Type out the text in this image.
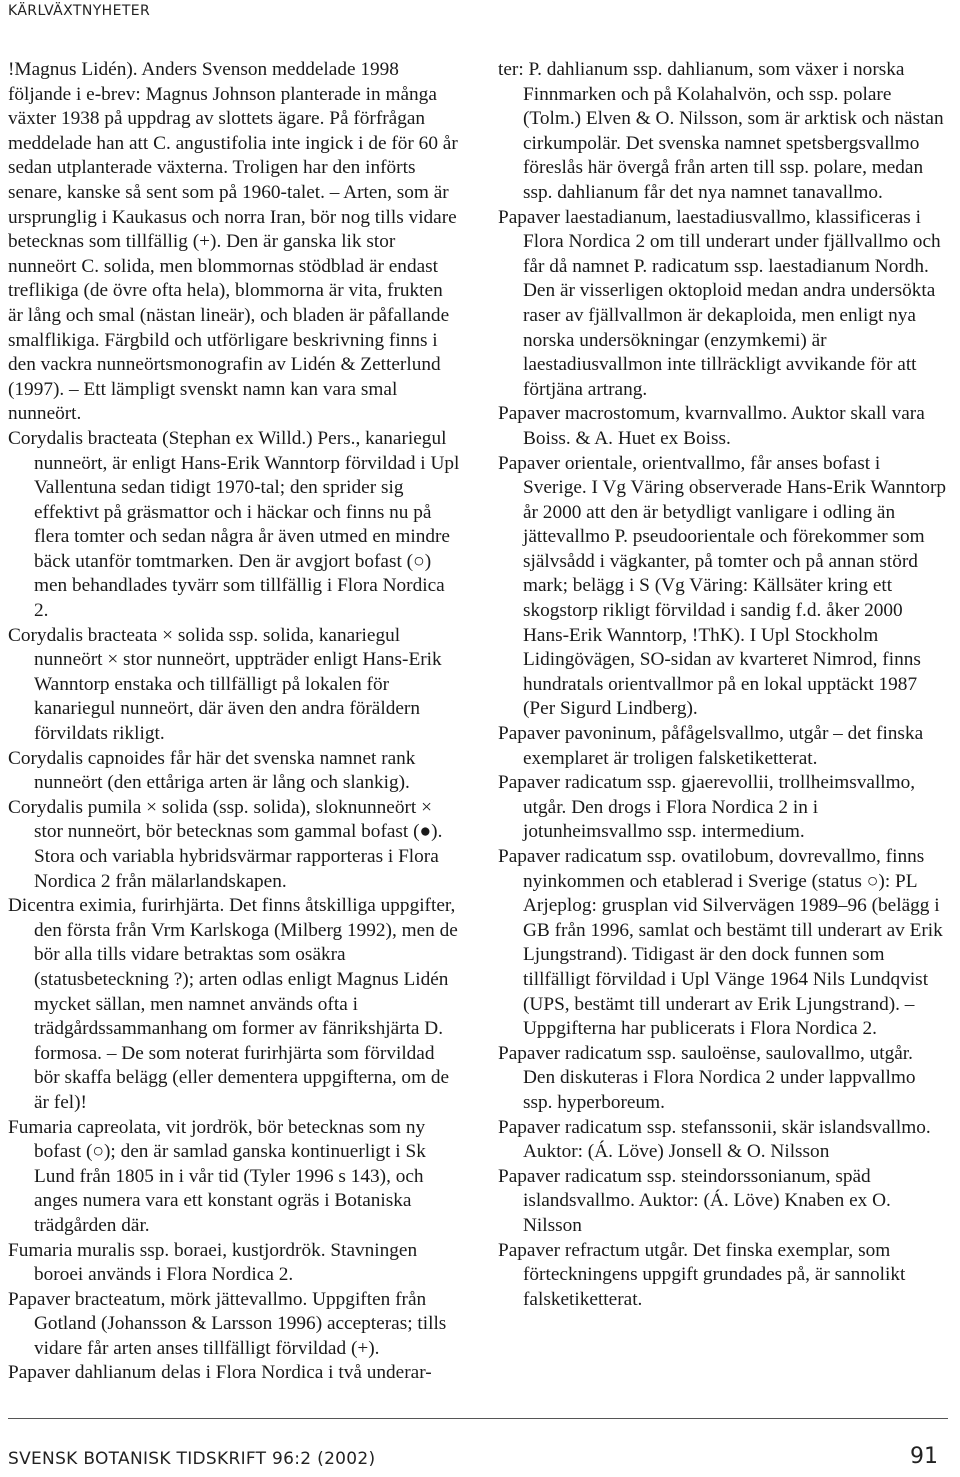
KÄRLVÄXTNYHETER

!Magnus Lidén). Anders Svenson meddelade 1998 följande i e-brev: Magnus Johnson planterade in många växter 1938 på uppdrag av slottets ägare. På förfrågan meddelade han att C. angustifolia inte ingick i de för 60 år sedan utplanterade växterna. Troligen har den införts senare, kanske så sent som på 1960-talet. – Arten, som är ursprunglig i Kaukasus och norra Iran, bör nog tills vidare betecknas som tillfällig (+). Den är ganska lik stor nunneört C. solida, men blommornas stödblad är endast treflikiga (de övre ofta hela), blommorna är vita, frukten är lång och smal (nästan lineär), och bladen är påfallande smalflikiga. Färgbild och utförligare beskrivning finns i den vackra nunneörtsmonografin av Lidén & Zetterlund (1997). – Ett lämpligt svenskt namn kan vara smal nunneört.

Corydalis bracteata (Stephan ex Willd.) Pers., kanariegul nunneört, är enligt Hans-Erik Wanntorp förvildad i Upl Vallentuna sedan tidigt 1970-tal; den sprider sig effektivt på gräsmattor och i häckar och finns nu på flera tomter och sedan några år även utmed en mindre bäck utanför tomtmarken. Den är avgjort bofast (○) men behandlades tyvärr som tillfällig i Flora Nordica 2.

Corydalis bracteata × solida ssp. solida, kanariegul nunneört × stor nunneört, uppträder enligt Hans-Erik Wanntorp enstaka och tillfälligt på lokalen för kanariegul nunneört, där även den andra föräldern förvildats rikligt.

Corydalis capnoides får här det svenska namnet rank nunneört (den ettåriga arten är lång och slankig).

Corydalis pumila × solida (ssp. solida), sloknunneört × stor nunneört, bör betecknas som gammal bofast (●). Stora och variabla hybridsvärmar rapporteras i Flora Nordica 2 från mälarlandskapen.

Dicentra eximia, furirhjärta. Det finns åtskilliga uppgifter, den första från Vrm Karlskoga (Milberg 1992), men de bör alla tills vidare betraktas som osäkra (statusbeteckning ?); arten odlas enligt Magnus Lidén mycket sällan, men namnet används ofta i trädgårdssammanhang om former av fänrikshjärta D. formosa. – De som noterat furirhjärta som förvildad bör skaffa belägg (eller dementera uppgifterna, om de är fel)!

Fumaria capreolata, vit jordrök, bör betecknas som ny bofast (○); den är samlad ganska kontinuerligt i Sk Lund från 1805 in i vår tid (Tyler 1996 s 143), och anges numera vara ett konstant ogräs i Botaniska trädgården där.

Fumaria muralis ssp. boraei, kustjordrök. Stavningen boroei används i Flora Nordica 2.

Papaver bracteatum, mörk jättevallmo. Uppgiften från Gotland (Johansson & Larsson 1996) accepteras; tills vidare får arten anses tillfälligt förvildad (+).

Papaver dahlianum delas i Flora Nordica i två underar-

ter: P. dahlianum ssp. dahlianum, som växer i norska Finnmarken och på Kolahalvön, och ssp. polare (Tolm.) Elven & O. Nilsson, som är arktisk och nästan cirkumpolär. Det svenska namnet spetsbergsvallmo föreslås här övergå från arten till ssp. polare, medan ssp. dahlianum får det nya namnet tanavallmo.

Papaver laestadianum, laestadiusvallmo, klassificeras i Flora Nordica 2 om till underart under fjällvallmo och får då namnet P. radicatum ssp. laestadianum Nordh. Den är visserligen oktoploid medan andra undersökta raser av fjällvallmon är dekaploida, men enligt nya norska undersökningar (enzymkemi) är laestadiusvallmon inte tillräckligt avvikande för att förtjäna artrang.

Papaver macrostomum, kvarnvallmo. Auktor skall vara Boiss. & A. Huet ex Boiss.

Papaver orientale, orientvallmo, får anses bofast i Sverige. I Vg Väring observerade Hans-Erik Wanntorp år 2000 att den är betydligt vanligare i odling än jättevallmo P. pseudoorientale och förekommer som självsådd i vägkanter, på tomter och på annan störd mark; belägg i S (Vg Väring: Källsäter kring ett skogstorp rikligt förvildad i sandig f.d. åker 2000 Hans-Erik Wanntorp, !ThK). I Upl Stockholm Lidingövägen, SO-sidan av kvarteret Nimrod, finns hundratals orientvallmor på en lokal upptäckt 1987 (Per Sigurd Lindberg).

Papaver pavoninum, påfågelsvallmo, utgår – det finska exemplaret är troligen falsketiketterat.

Papaver radicatum ssp. gjaerevollii, trollheimsvallmo, utgår. Den drogs i Flora Nordica 2 in i jotunheimsvallmo ssp. intermedium.

Papaver radicatum ssp. ovatilobum, dovrevallmo, finns nyinkommen och etablerad i Sverige (status ○): PL Arjeplog: grusplan vid Silvervägen 1989–96 (belägg i GB från 1996, samlat och bestämt till underart av Erik Ljungstrand). Tidigast är den dock funnen som tillfälligt förvildad i Upl Vänge 1964 Nils Lundqvist (UPS, bestämt till underart av Erik Ljungstrand). – Uppgifterna har publicerats i Flora Nordica 2.

Papaver radicatum ssp. sauloënse, saulovallmo, utgår. Den diskuteras i Flora Nordica 2 under lappvallmo ssp. hyperboreum.

Papaver radicatum ssp. stefanssonii, skär islandsvallmo. Auktor: (Á. Löve) Jonsell & O. Nilsson

Papaver radicatum ssp. steindorssonianum, späd islandsvallmo. Auktor: (Á. Löve) Knaben ex O. Nilsson

Papaver refractum utgår. Det finska exemplar, som förteckningens uppgift grundades på, är sannolikt falsketiketterat.

SVENSK BOTANISK TIDSKRIFT 96:2 (2002)	91
